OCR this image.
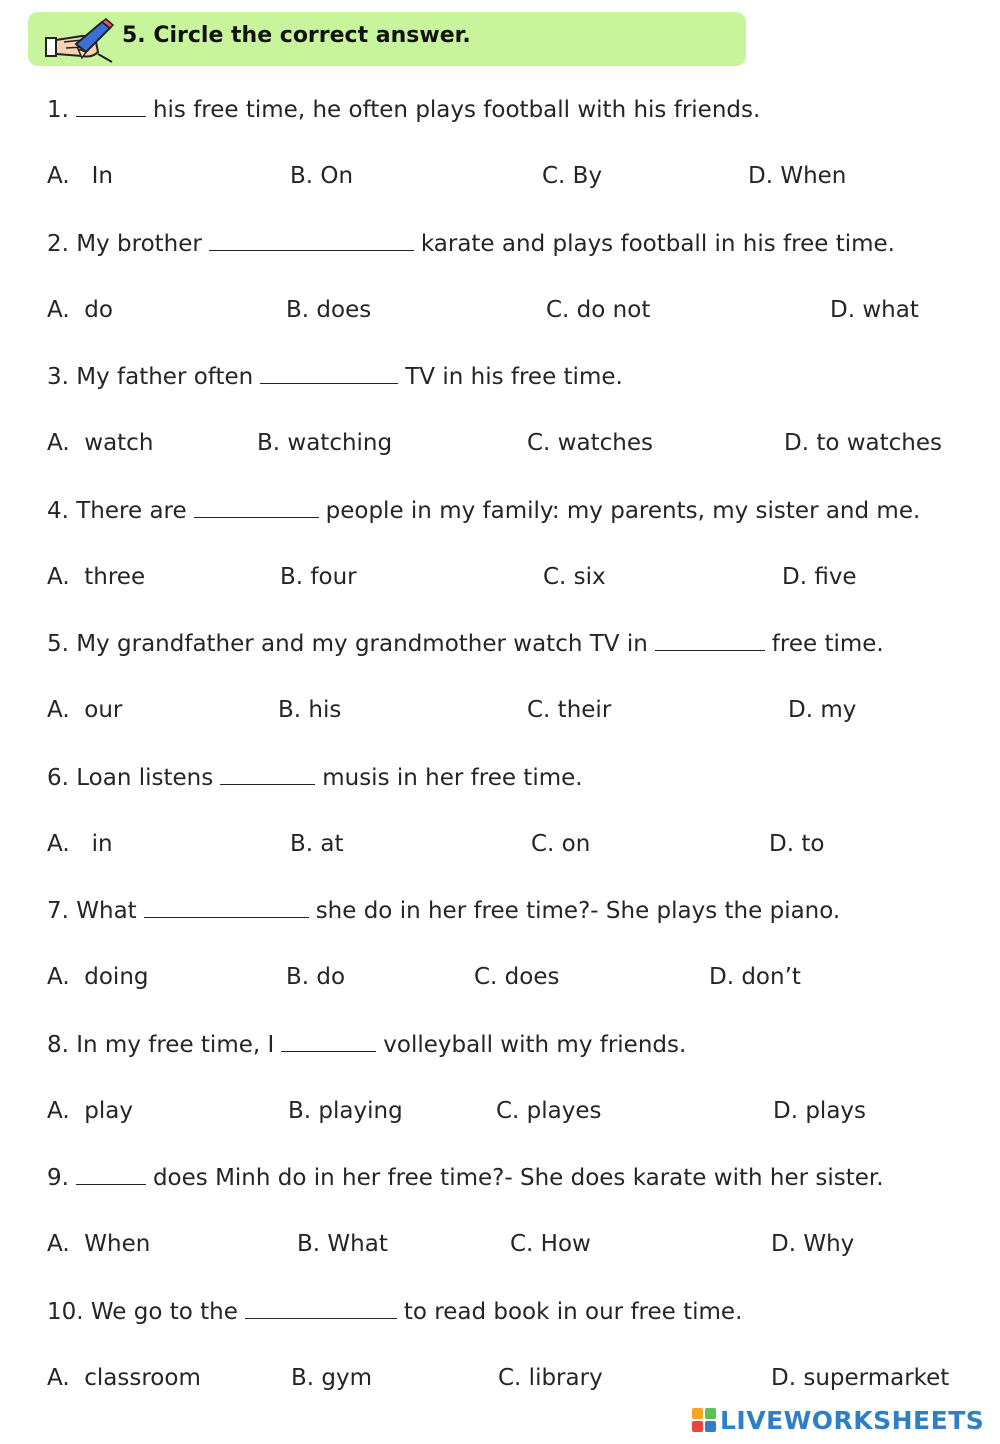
5. Circle the correct answer.
1.	his free time, he often plays football with his friends.
A.   In	B. On	C. By	D. When
2. My brother	karate and plays football in his free time.
A.  do	B. does	C. do not	D. what
3. My father often	TV in his free time.
A.  watch	B. watching	C. watches	D. to watches
4. There are	people in my family: my parents, my sister and me.
A.  three	B. four	C. six	D. five
5. My grandfather and my grandmother watch TV in	free time.
A.  our	B. his	C. their	D. my
6. Loan listens	musis in her free time.
A.   in	B. at	C. on	D. to
7. What	she do in her free time?- She plays the piano.
A.  doing	B. do	C. does	D. don’t
8. In my free time, I	volleyball with my friends.
A.  play	B. playing	C. playes	D. plays
9.	does Minh do in her free time?- She does karate with her sister.
A.  When	B. What	C. How	D. Why
10. We go to the	to read book in our free time.
A.  classroom	B. gym	C. library	D. supermarket
LIVEWORKSHEETS
